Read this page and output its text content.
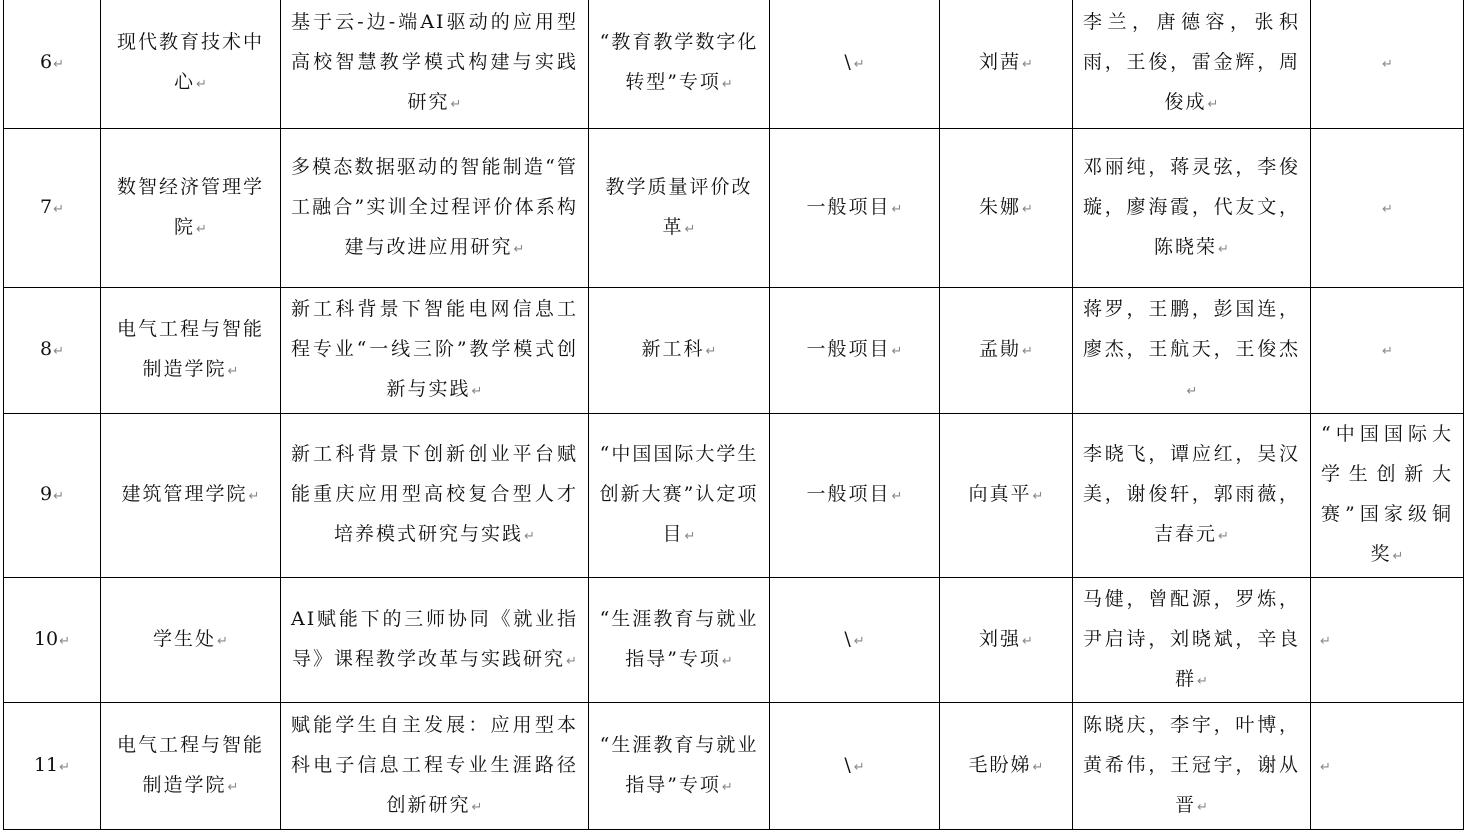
6 ↵	现代教育技术中心 ↵	基于云-边-端AI驱动的应用型高校智慧教学模式构建与实践研究 ↵	“教育教学数字化转型”专项 ↵	\ ↵	刘茜 ↵	李兰，唐德容，张积雨，王俊，雷金辉，周俊成 ↵	↵
7 ↵	数智经济管理学院 ↵	多模态数据驱动的智能制造“管工融合”实训全过程评价体系构建与改进应用研究 ↵	教学质量评价改革 ↵	一般项目 ↵	朱娜 ↵	邓丽纯，蒋灵弦，李俊璇，廖海霞，代友文，陈晓荣 ↵	↵
8 ↵	电气工程与智能制造学院 ↵	新工科背景下智能电网信息工程专业“一线三阶”教学模式创新与实践 ↵	新工科 ↵	一般项目 ↵	孟勛 ↵	蒋罗，王鹏，彭国连，廖杰，王航天，王俊杰 ↵	↵
9 ↵	建筑管理学院 ↵	新工科背景下创新创业平台赋能重庆应用型高校复合型人才培养模式研究与实践 ↵	“中国国际大学生创新大赛”认定项目 ↵	一般项目 ↵	向真平 ↵	李晓飞，谭应红，吴汉美，谢俊轩，郭雨薇，吉春元 ↵	“中国国际大学生创新大赛”国家级铜奖 ↵
10 ↵	学生处 ↵	AI赋能下的三师协同《就业指导》课程教学改革与实践研究 ↵	“生涯教育与就业指导”专项 ↵	\ ↵	刘强 ↵	马健，曾配源，罗炼，尹启诗，刘晓斌，辛良群 ↵	↵
11 ↵	电气工程与智能制造学院 ↵	赋能学生自主发展：应用型本科电子信息工程专业生涯路径创新研究 ↵	“生涯教育与就业指导”专项 ↵	\ ↵	毛盼娣 ↵	陈晓庆，李宇，叶博，黄希伟，王冠宇，谢从晋 ↵	↵
